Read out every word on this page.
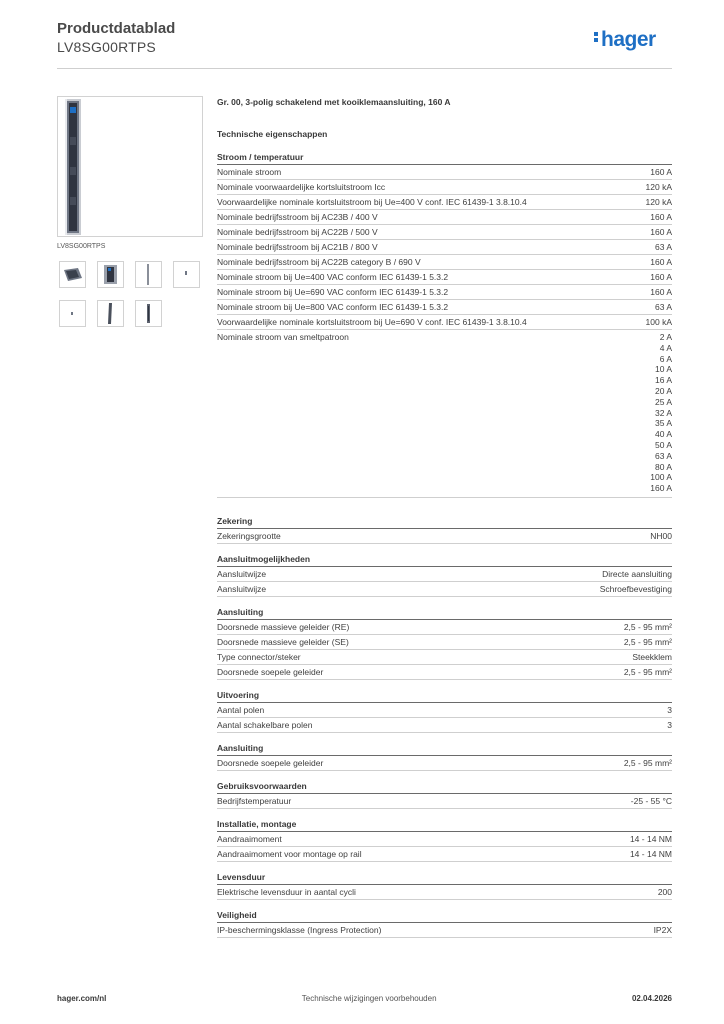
Productdatablad
LV8SG00RTPS	hager
LV8SG00RTPS
Gr. 00, 3-polig schakelend met kooiklemaansluiting, 160 A
Technische eigenschappen
Stroom / temperatuur
Nominale stroom	160 A
Nominale voorwaardelijke kortsluitstroom Icc	120 kA
Voorwaardelijke nominale kortsluitstroom bij Ue=400 V conf. IEC 61439-1 3.8.10.4	120 kA
Nominale bedrijfsstroom bij AC23B / 400 V	160 A
Nominale bedrijfsstroom bij AC22B / 500 V	160 A
Nominale bedrijfsstroom bij AC21B / 800 V	63 A
Nominale bedrijfsstroom bij AC22B category B / 690 V	160 A
Nominale stroom bij Ue=400 VAC conform IEC 61439-1 5.3.2	160 A
Nominale stroom bij Ue=690 VAC conform IEC 61439-1 5.3.2	160 A
Nominale stroom bij Ue=800 VAC conform IEC 61439-1 5.3.2	63 A
Voorwaardelijke nominale kortsluitstroom bij Ue=690 V conf. IEC 61439-1 3.8.10.4	100 kA
Nominale stroom van smeltpatroon	2 A
4 A
6 A
10 A
16 A
20 A
25 A
32 A
35 A
40 A
50 A
63 A
80 A
100 A
160 A
Zekering
Zekeringsgrootte	NH00
Aansluitmogelijkheden
Aansluitwijze	Directe aansluiting
Aansluitwijze	Schroefbevestiging
Aansluiting
Doorsnede massieve geleider (RE)	2,5 - 95 mm²
Doorsnede massieve geleider (SE)	2,5 - 95 mm²
Type connector/steker	Steekklem
Doorsnede soepele geleider	2,5 - 95 mm²
Uitvoering
Aantal polen	3
Aantal schakelbare polen	3
Aansluiting
Doorsnede soepele geleider	2,5 - 95 mm²
Gebruiksvoorwaarden
Bedrijfstemperatuur	-25 - 55 °C
Installatie, montage
Aandraaimoment	14 - 14 NM
Aandraaimoment voor montage op rail	14 - 14 NM
Levensduur
Elektrische levensduur in aantal cycli	200
Veiligheid
IP-beschermingsklasse (Ingress Protection)	IP2X
hager.com/nl	Technische wijzigingen voorbehouden	02.04.2026
